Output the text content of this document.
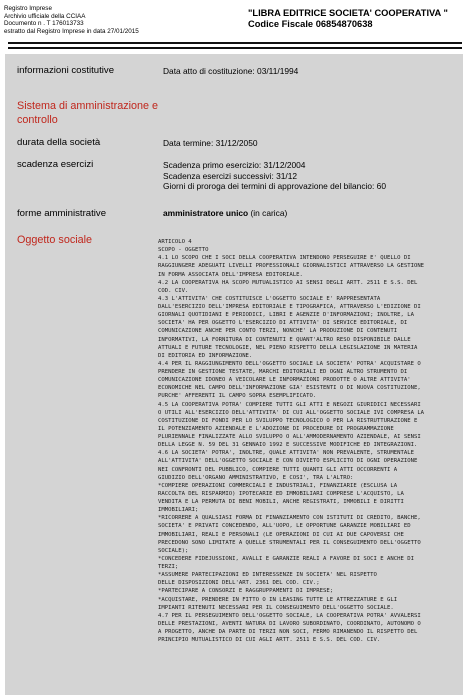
Registro Imprese
Archivio ufficiale della CCIAA
Documento n . T 176013733
estratto dal Registro Imprese in data 27/01/2015
"LIBRA EDITRICE SOCIETA' COOPERATIVA "
Codice Fiscale 06854870638
informazioni costitutive	Data atto di costituzione: 03/11/1994
Sistema di amministrazione e
controllo
durata della società	Data termine: 31/12/2050
scadenza esercizi	Scadenza primo esercizio: 31/12/2004
Scadenza esercizi successivi: 31/12
Giorni di proroga dei termini di approvazione del bilancio: 60
forme amministrative	amministratore unico (in carica)
Oggetto sociale	ARTICOLO 4
SCOPO - OGGETTO
4.1 LO SCOPO CHE I SOCI DELLA COOPERATIVA INTENDONO PERSEGUIRE E' QUELLO DI
RAGGIUNGERE ADEGUATI LIVELLI PROFESSIONALI GIORNALISTICI ATTRAVERSO LA GESTIONE
IN FORMA ASSOCIATA DELL'IMPRESA EDITORIALE.
4.2 LA COOPERATIVA HA SCOPO MUTUALISTICO AI SENSI DEGLI ARTT. 2511 E S.S. DEL
COD. CIV.
4.3 L'ATTIVITA' CHE COSTITUISCE L'OGGETTO SOCIALE E' RAPPRESENTATA
DALL'ESERCIZIO DELL'IMPRESA EDITORIALE E TIPOGRAFICA, ATTRAVERSO L'EDIZIONE DI
GIORNALI QUOTIDIANI E PERIODICI, LIBRI E AGENZIE D'INFORMAZIONI; INOLTRE, LA
SOCIETA' HA PER OGGETTO L'ESERCIZIO DI ATTIVITA' DI SERVICE EDITORIALE, DI
COMUNICAZIONE ANCHE PER CONTO TERZI, NONCHE' LA PRODUZIONE DI CONTENUTI
INFORMATIVI, LA FORNITURA DI CONTENUTI E QUANT'ALTRO RESO DISPONIBILE DALLE
ATTUALI E FUTURE TECNOLOGIE, NEL PIENO RISPETTO DELLA LEGISLAZIONE IN MATERIA
DI EDITORIA ED INFORMAZIONE.
4.4 PER IL RAGGIUNGIMENTO DELL'OGGETTO SOCIALE LA SOCIETA' POTRA' ACQUISTARE O
PRENDERE IN GESTIONE TESTATE, MARCHI EDITORIALI ED OGNI ALTRO STRUMENTO DI
COMUNICAZIONE IDONEO A VEICOLARE LE INFORMAZIONI PRODOTTE O ALTRE ATTIVITA'
ECONOMICHE NEL CAMPO DELL'INFORMAZIONE GIA' ESISTENTI O DI NUOVA COSTITUZIONE,
PURCHE' AFFERENTI IL CAMPO SOPRA ESEMPLIFICATO.
4.5 LA COOPERATIVA POTRA' COMPIERE TUTTI GLI ATTI E NEGOZI GIURIDICI NECESSARI
O UTILI ALL'ESERCIZIO DELL'ATTIVITA' DI CUI ALL'OGGETTO SOCIALE IVI COMPRESA LA
COSTITUZIONE DI FONDI PER LO SVILUPPO TECNOLOGICO O PER LA RISTRUTTURAZIONE E
IL POTENZIAMENTO AZIENDALE E L'ADOZIONE DI PROCEDURE DI PROGRAMMAZIONE
PLURIENNALE FINALIZZATE ALLO SVILUPPO O ALL'AMMODERNAMENTO AZIENDALE, AI SENSI
DELLA LEGGE N. 59 DEL 31 GENNAIO 1992 E SUCCESSIVE MODIFICHE ED INTEGRAZIONI.
4.6 LA SOCIETA' POTRA', INOLTRE, QUALE ATTIVITA' NON PREVALENTE, STRUMENTALE
ALL'ATTIVITA' DELL'OGGETTO SOCIALE E CON DIVIETO ESPLICITO DI OGNI OPERAZIONE
NEI CONFRONTI DEL PUBBLICO, COMPIERE TUTTI QUANTI GLI ATTI OCCORRENTI A
GIUDIZIO DELL'ORGANO AMMINISTRATIVO, E COSI', TRA L'ALTRO:
*COMPIERE OPERAZIONI COMMERCIALI E INDUSTRIALI, FINANZIARIE (ESCLUSA LA
RACCOLTA DEL RISPARMIO) IPOTECARIE ED IMMOBILIARI COMPRESE L'ACQUISTO, LA
VENDITA E LA PERMUTA DI BENI MOBILI, ANCHE REGISTRATI, IMMOBILI E DIRITTI
IMMOBILIARI;
*RICORRERE A QUALSIASI FORMA DI FINANZIAMENTO CON ISTITUTI DI CREDITO, BANCHE,
SOCIETA' E PRIVATI CONCEDENDO, ALL'UOPO, LE OPPORTUNE GARANZIE MOBILIARI ED
IMMOBILIARI, REALI E PERSONALI (LE OPERAZIONI DI CUI AI DUE CAPOVERSI CHE
PRECEDONO SONO LIMITATE A QUELLE STRUMENTALI PER IL CONSEGUIMENTO DELL'OGGETTO
SOCIALE);
*CONCEDERE FIDEJUSSIONI, AVALLI E GARANZIE REALI A FAVORE DI SOCI E ANCHE DI
TERZI;
*ASSUMERE PARTECIPAZIONI ED INTERESSENZE IN SOCIETA' NEL RISPETTO
DELLE DISPOSIZIONI DELL'ART. 2361 DEL COD. CIV.;
*PARTECIPARE A CONSORZI E RAGGRUPPAMENTI DI IMPRESE;
*ACQUISTARE, PRENDERE IN FITTO O IN LEASING TUTTE LE ATTREZZATURE E GLI
IMPIANTI RITENUTI NECESSARI PER IL CONSEGUIMENTO DELL'OGGETTO SOCIALE.
4.7 PER IL PERSEGUIMENTO DELL'OGGETTO SOCIALE, LA COOPERATIVA POTRA' AVVALERSI
DELLE PRESTAZIONI, AVENTI NATURA DI LAVORO SUBORDINATO, COORDINATO, AUTONOMO O
A PROGETTO, ANCHE DA PARTE DI TERZI NON SOCI, FERMO RIMANENDO IL RISPETTO DEL
PRINCIPIO MUTUALISTICO DI CUI AGLI ARTT. 2511 E S.S. DEL COD. CIV.
